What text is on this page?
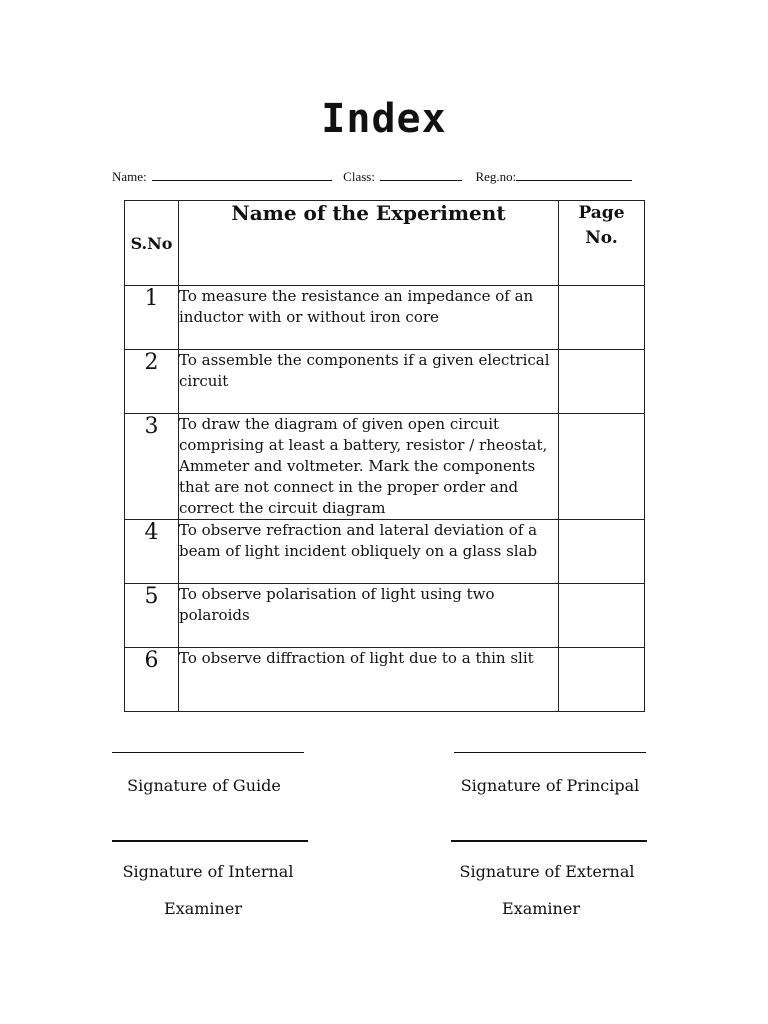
Index
Name:	Class:	Reg.no:
S.No	Name of the Experiment	Page
No.
1	To measure the resistance an impedance of an inductor with or without iron core	
2	To assemble the components if a given electrical circuit	
3	To draw the diagram of given open circuit comprising at least a battery, resistor / rheostat, Ammeter and voltmeter. Mark the components that are not connect in the proper order and correct the circuit diagram	
4	To observe refraction and lateral deviation of a beam of light incident obliquely on a glass slab	
5	To observe polarisation of light using two polaroids	
6	To observe diffraction of light due to a thin slit	
Signature of Guide	Signature of Principal
Signature of Internal	Signature of External
Examiner	Examiner
